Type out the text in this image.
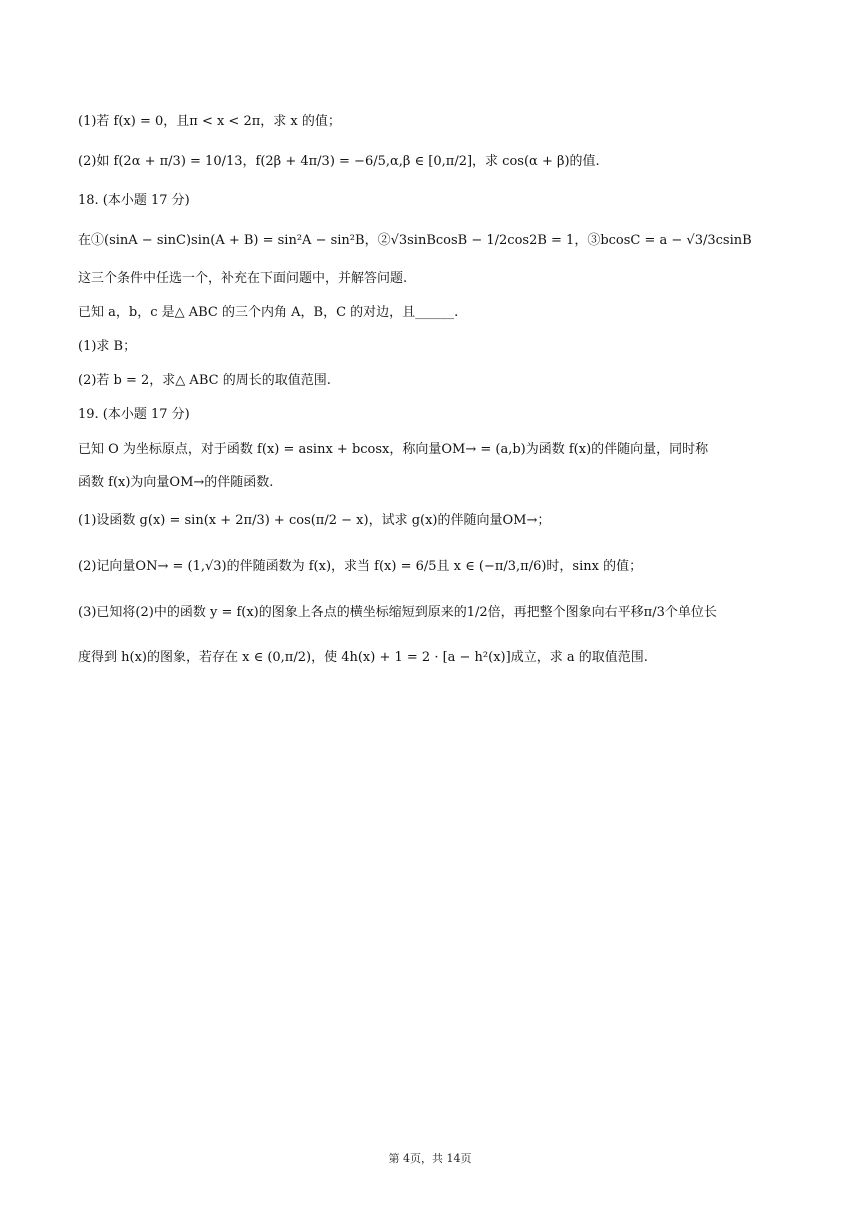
(1)若 f(x) = 0，且π < x < 2π，求 x 的值；
(2)如 f(2α + π/3) = 10/13，f(2β + 4π/3) = −6/5,α,β ∈ [0,π/2]，求 cos(α + β)的值.
18. (本小题 17 分)
在①(sinA − sinC)sin(A + B) = sin²A − sin²B，②√3sinBcosB − 1/2cos2B = 1，③bcosC = a − √3/3csinB
这三个条件中任选一个，补充在下面问题中，并解答问题.
已知 a，b，c 是△ ABC 的三个内角 A，B，C 的对边，且______.
(1)求 B；
(2)若 b = 2，求△ ABC 的周长的取值范围.
19. (本小题 17 分)
已知 O 为坐标原点，对于函数 f(x) = asinx + bcosx，称向量OM→ = (a,b)为函数 f(x)的伴随向量，同时称
函数 f(x)为向量OM→的伴随函数.
(1)设函数 g(x) = sin(x + 2π/3) + cos(π/2 − x)，试求 g(x)的伴随向量OM→；
(2)记向量ON→ = (1,√3)的伴随函数为 f(x)，求当 f(x) = 6/5且 x ∈ (−π/3,π/6)时，sinx 的值；
(3)已知将(2)中的函数 y = f(x)的图象上各点的横坐标缩短到原来的1/2倍，再把整个图象向右平移π/3个单位长
度得到 h(x)的图象，若存在 x ∈ (0,π/2)，使 4h(x) + 1 = 2 · [a − h²(x)]成立，求 a 的取值范围.
第 4页，共 14页
